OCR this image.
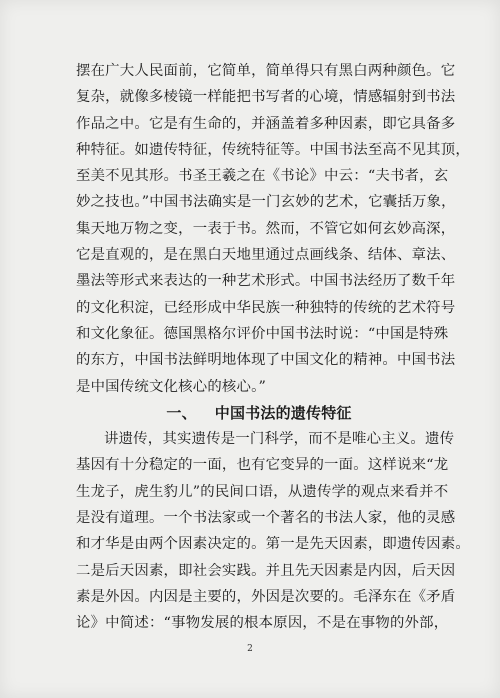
摆在广大人民面前，它简单，简单得只有黑白两种颜色。它
复杂，就像多棱镜一样能把书写者的心境，情感辐射到书法
作品之中。它是有生命的，并涵盖着多种因素，即它具备多
种特征。如遗传特征，传统特征等。中国书法至高不见其顶，
至美不见其形。书圣王羲之在《书论》中云：“夫书者，玄
妙之技也。”中国书法确实是一门玄妙的艺术，它囊括万象，
集天地万物之变，一表于书。然而，不管它如何玄妙高深，
它是直观的，是在黑白天地里通过点画线条、结体、章法、
墨法等形式来表达的一种艺术形式。中国书法经历了数千年
的文化积淀，已经形成中华民族一种独特的传统的艺术符号
和文化象征。德国黑格尔评价中国书法时说：“中国是特殊
的东方，中国书法鲜明地体现了中国文化的精神。中国书法
是中国传统文化核心的核心。”
一、 中国书法的遗传特征
讲遗传，其实遗传是一门科学，而不是唯心主义。遗传
基因有十分稳定的一面，也有它变异的一面。这样说来“龙
生龙子，虎生豹儿”的民间口语，从遗传学的观点来看并不
是没有道理。一个书法家或一个著名的书法人家，他的灵感
和才华是由两个因素决定的。第一是先天因素，即遗传因素。
二是后天因素，即社会实践。并且先天因素是内因，后天因
素是外因。内因是主要的，外因是次要的。毛泽东在《矛盾
论》中简述：“事物发展的根本原因，不是在事物的外部，
2
